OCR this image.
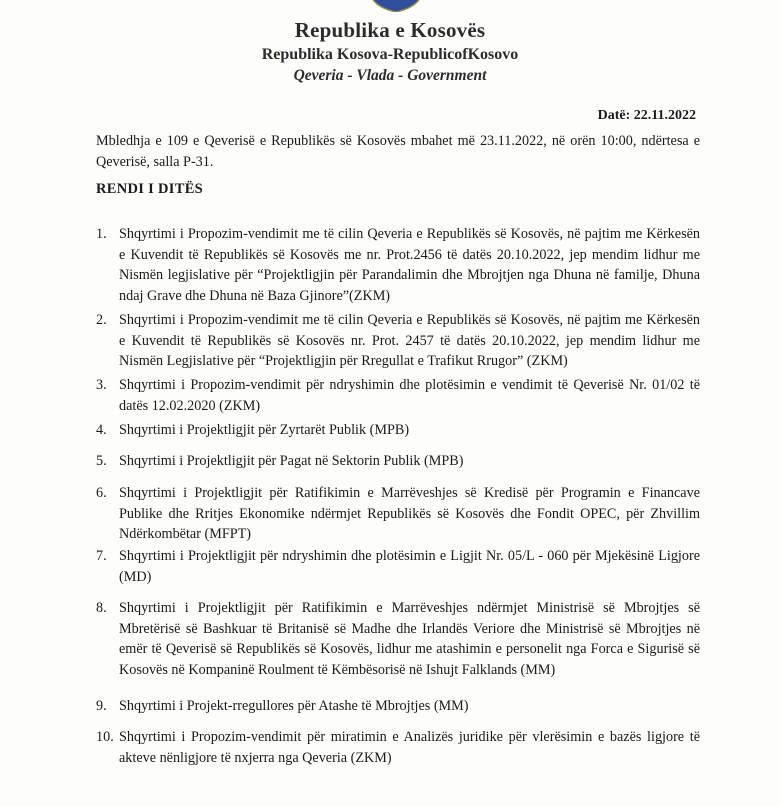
Republika e Kosovës
Republika Kosova-RepublicofKosovo
Qeveria - Vlada - Government
Datë: 22.11.2022
Mbledhja e 109 e Qeverisë e Republikës së Kosovës mbahet më 23.11.2022, në orën 10:00, ndërtesa e Qeverisë, salla P-31.
RENDI I DITËS
1. Shqyrtimi i Propozim-vendimit me të cilin Qeveria e Republikës së Kosovës, në pajtim me Kërkesën e Kuvendit të Republikës së Kosovës me nr. Prot.2456 të datës 20.10.2022, jep mendim lidhur me Nismën legjislative për “Projektligjin për Parandalimin dhe Mbrojtjen nga Dhuna në familje, Dhuna ndaj Grave dhe Dhuna në Baza Gjinore”(ZKM)
2. Shqyrtimi i Propozim-vendimit me të cilin Qeveria e Republikës së Kosovës, në pajtim me Kërkesën e Kuvendit të Republikës së Kosovës nr. Prot. 2457 të datës 20.10.2022, jep mendim lidhur me Nismën Legjislative për “Projektligjin për Rregullat e Trafikut Rrugor” (ZKM)
3. Shqyrtimi i Propozim-vendimit për ndryshimin dhe plotësimin e vendimit të Qeverisë Nr. 01/02 të datës 12.02.2020 (ZKM)
4. Shqyrtimi i Projektligjit për Zyrtarët Publik (MPB)
5. Shqyrtimi i Projektligjit për Pagat në Sektorin Publik (MPB)
6. Shqyrtimi i Projektligjit për Ratifikimin e Marrëveshjes së Kredisë për Programin e Financave Publike dhe Rritjes Ekonomike ndërmjet Republikës së Kosovës dhe Fondit OPEC, për Zhvillim Ndërkombëtar (MFPT)
7. Shqyrtimi i Projektligjit për ndryshimin dhe plotësimin e Ligjit Nr. 05/L - 060 për Mjekësinë Ligjore (MD)
8. Shqyrtimi i Projektligjit për Ratifikimin e Marrëveshjes ndërmjet Ministrisë së Mbrojtjes së Mbretërisë së Bashkuar të Britanisë së Madhe dhe Irlandës Veriore dhe Ministrisë së Mbrojtjes në emër të Qeverisë së Republikës së Kosovës, lidhur me atashimin e personelit nga Forca e Sigurisë së Kosovës në Kompaninë Roulment të Këmbësorisë në Ishujt Falklands (MM)
9. Shqyrtimi i Projekt-rregullores për Atashe të Mbrojtjes (MM)
10. Shqyrtimi i Propozim-vendimit për miratimin e Analizës juridike për vlerësimin e bazës ligjore të akteve nënligjore të nxjerra nga Qeveria (ZKM)
